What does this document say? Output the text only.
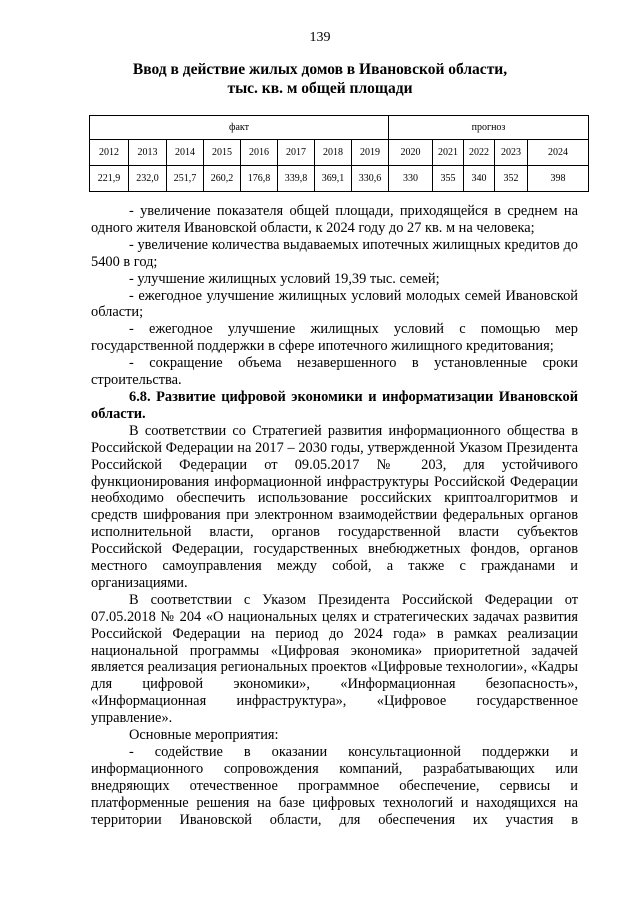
139
Ввод в действие жилых домов в Ивановской области,
тыс. кв. м общей площади
факт								прогноз				
2012	2013	2014	2015	2016	2017	2018	2019	2020	2021	2022	2023	2024
221,9	232,0	251,7	260,2	176,8	339,8	369,1	330,6	330	355	340	352	398

- увеличение показателя общей площади, приходящейся в среднем на одного жителя Ивановской области, к 2024 году до 27 кв. м на человека;

- увеличение количества выдаваемых ипотечных жилищных кредитов до 5400 в год;

- улучшение жилищных условий 19,39 тыс. семей;

- ежегодное улучшение жилищных условий молодых семей Ивановской области;

- ежегодное улучшение жилищных условий с помощью мер государственной поддержки в сфере ипотечного жилищного кредитования;

- сокращение объема незавершенного в установленные сроки строительства.

6.8. Развитие цифровой экономики и информатизации Ивановской области.

В соответствии со Стратегией развития информационного общества в Российской Федерации на 2017 – 2030 годы, утвержденной Указом Президента Российской Федерации от 09.05.2017 № 203, для устойчивого функционирования информационной инфраструктуры Российской Федерации необходимо обеспечить использование российских криптоалгоритмов и средств шифрования при электронном взаимодействии федеральных органов исполнительной власти, органов государственной власти субъектов Российской Федерации, государственных внебюджетных фондов, органов местного самоуправления между собой, а также с гражданами и организациями.

В соответствии с Указом Президента Российской Федерации от 07.05.2018 № 204 «О национальных целях и стратегических задачах развития Российской Федерации на период до 2024 года» в рамках реализации национальной программы «Цифровая экономика» приоритетной задачей является реализация региональных проектов «Цифровые технологии», «Кадры для цифровой экономики», «Информационная безопасность», «Информационная инфраструктура», «Цифровое государственное управление».

Основные мероприятия:

- содействие в оказании консультационной поддержки и информационного сопровождения компаний, разрабатывающих или внедряющих отечественное программное обеспечение, сервисы и платформенные решения на базе цифровых технологий и находящихся на территории Ивановской области, для обеспечения их участия в
